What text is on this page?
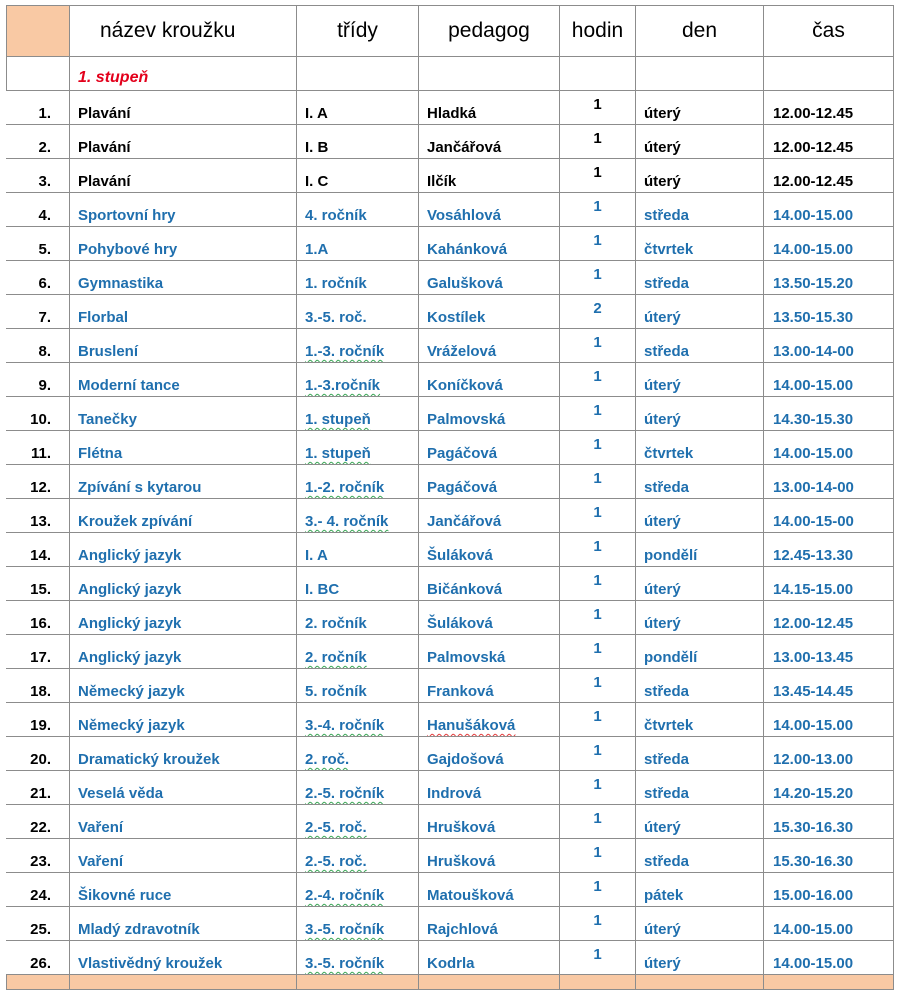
	název kroužku	třídy	pedagog	hodin	den	čas
	1. stupeň					
1.	Plavání	I. A	Hladká	1	úterý	12.00-12.45
2.	Plavání	I. B	Jančářová	1	úterý	12.00-12.45
3.	Plavání	I. C	Ilčík	1	úterý	12.00-12.45
4.	Sportovní hry	4. ročník	Vosáhlová	1	středa	14.00-15.00
5.	Pohybové hry	1.A	Kahánková	1	čtvrtek	14.00-15.00
6.	Gymnastika	1. ročník	Galušková	1	středa	13.50-15.20
7.	Florbal	3.-5. roč.	Kostílek	2	úterý	13.50-15.30
8.	Bruslení	1.-3. ročník	Vráželová	1	středa	13.00-14-00
9.	Moderní tance	1.-3.ročník	Koníčková	1	úterý	14.00-15.00
10.	Tanečky	1. stupeň	Palmovská	1	úterý	14.30-15.30
11.	Flétna	1. stupeň	Pagáčová	1	čtvrtek	14.00-15.00
12.	Zpívání s kytarou	1.-2. ročník	Pagáčová	1	středa	13.00-14-00
13.	Kroužek zpívání	3.- 4. ročník	Jančářová	1	úterý	14.00-15-00
14.	Anglický jazyk	I. A	Šuláková	1	pondělí	12.45-13.30
15.	Anglický jazyk	I. BC	Bičánková	1	úterý	14.15-15.00
16.	Anglický jazyk	2. ročník	Šuláková	1	úterý	12.00-12.45
17.	Anglický jazyk	2. ročník	Palmovská	1	pondělí	13.00-13.45
18.	Německý jazyk	5. ročník	Franková	1	středa	13.45-14.45
19.	Německý jazyk	3.-4. ročník	Hanušáková	1	čtvrtek	14.00-15.00
20.	Dramatický kroužek	2. roč.	Gajdošová	1	středa	12.00-13.00
21.	Veselá věda	2.-5. ročník	Indrová	1	středa	14.20-15.20
22.	Vaření	2.-5. roč.	Hrušková	1	úterý	15.30-16.30
23.	Vaření	2.-5. roč.	Hrušková	1	středa	15.30-16.30
24.	Šikovné ruce	2.-4. ročník	Matoušková	1	pátek	15.00-16.00
25.	Mladý zdravotník	3.-5. ročník	Rajchlová	1	úterý	14.00-15.00
26.	Vlastivědný kroužek	3.-5. ročník	Kodrla	1	úterý	14.00-15.00
